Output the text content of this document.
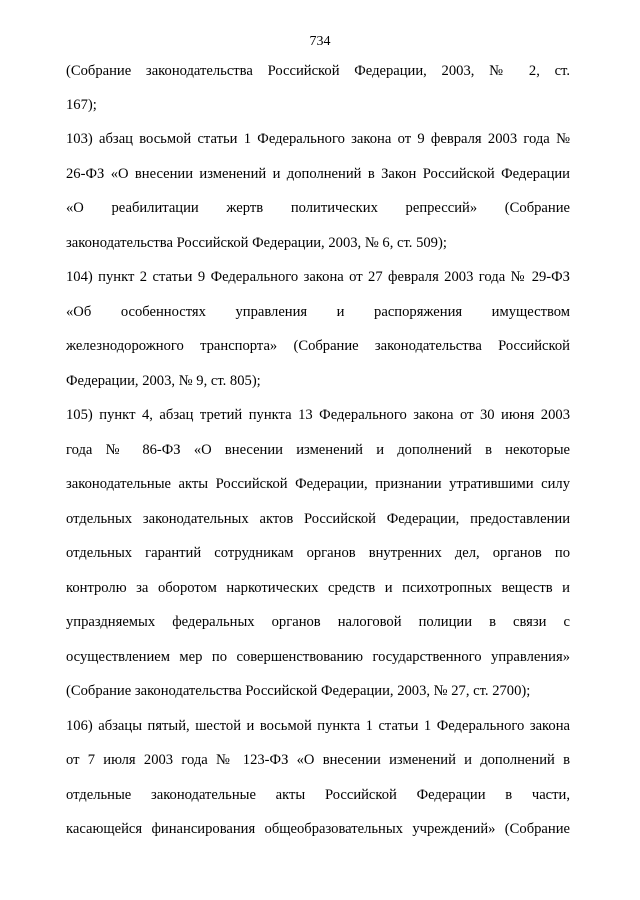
734
(Собрание законодательства Российской Федерации, 2003, № 2, ст.
167);
103) абзац восьмой статьи 1 Федерального закона от 9 февраля 2003 года №
26-ФЗ «О внесении изменений и дополнений в Закон Российской Федерации
«О реабилитации жертв политических репрессий» (Собрание
законодательства Российской Федерации, 2003, № 6, ст. 509);
104) пункт 2 статьи 9 Федерального закона от 27 февраля 2003 года № 29-ФЗ
«Об особенностях управления и распоряжения имуществом
железнодорожного транспорта» (Собрание законодательства Российской
Федерации, 2003, № 9, ст. 805);
105) пункт 4, абзац третий пункта 13 Федерального закона от 30 июня 2003
года № 86-ФЗ «О внесении изменений и дополнений в некоторые
законодательные акты Российской Федерации, признании утратившими силу
отдельных законодательных актов Российской Федерации, предоставлении
отдельных гарантий сотрудникам органов внутренних дел, органов по
контролю за оборотом наркотических средств и психотропных веществ и
упраздняемых федеральных органов налоговой полиции в связи с
осуществлением мер по совершенствованию государственного управления»
(Собрание законодательства Российской Федерации, 2003, № 27, ст. 2700);
106) абзацы пятый, шестой и восьмой пункта 1 статьи 1 Федерального закона
от 7 июля 2003 года № 123-ФЗ «О внесении изменений и дополнений в
отдельные законодательные акты Российской Федерации в части,
касающейся финансирования общеобразовательных учреждений» (Собрание
